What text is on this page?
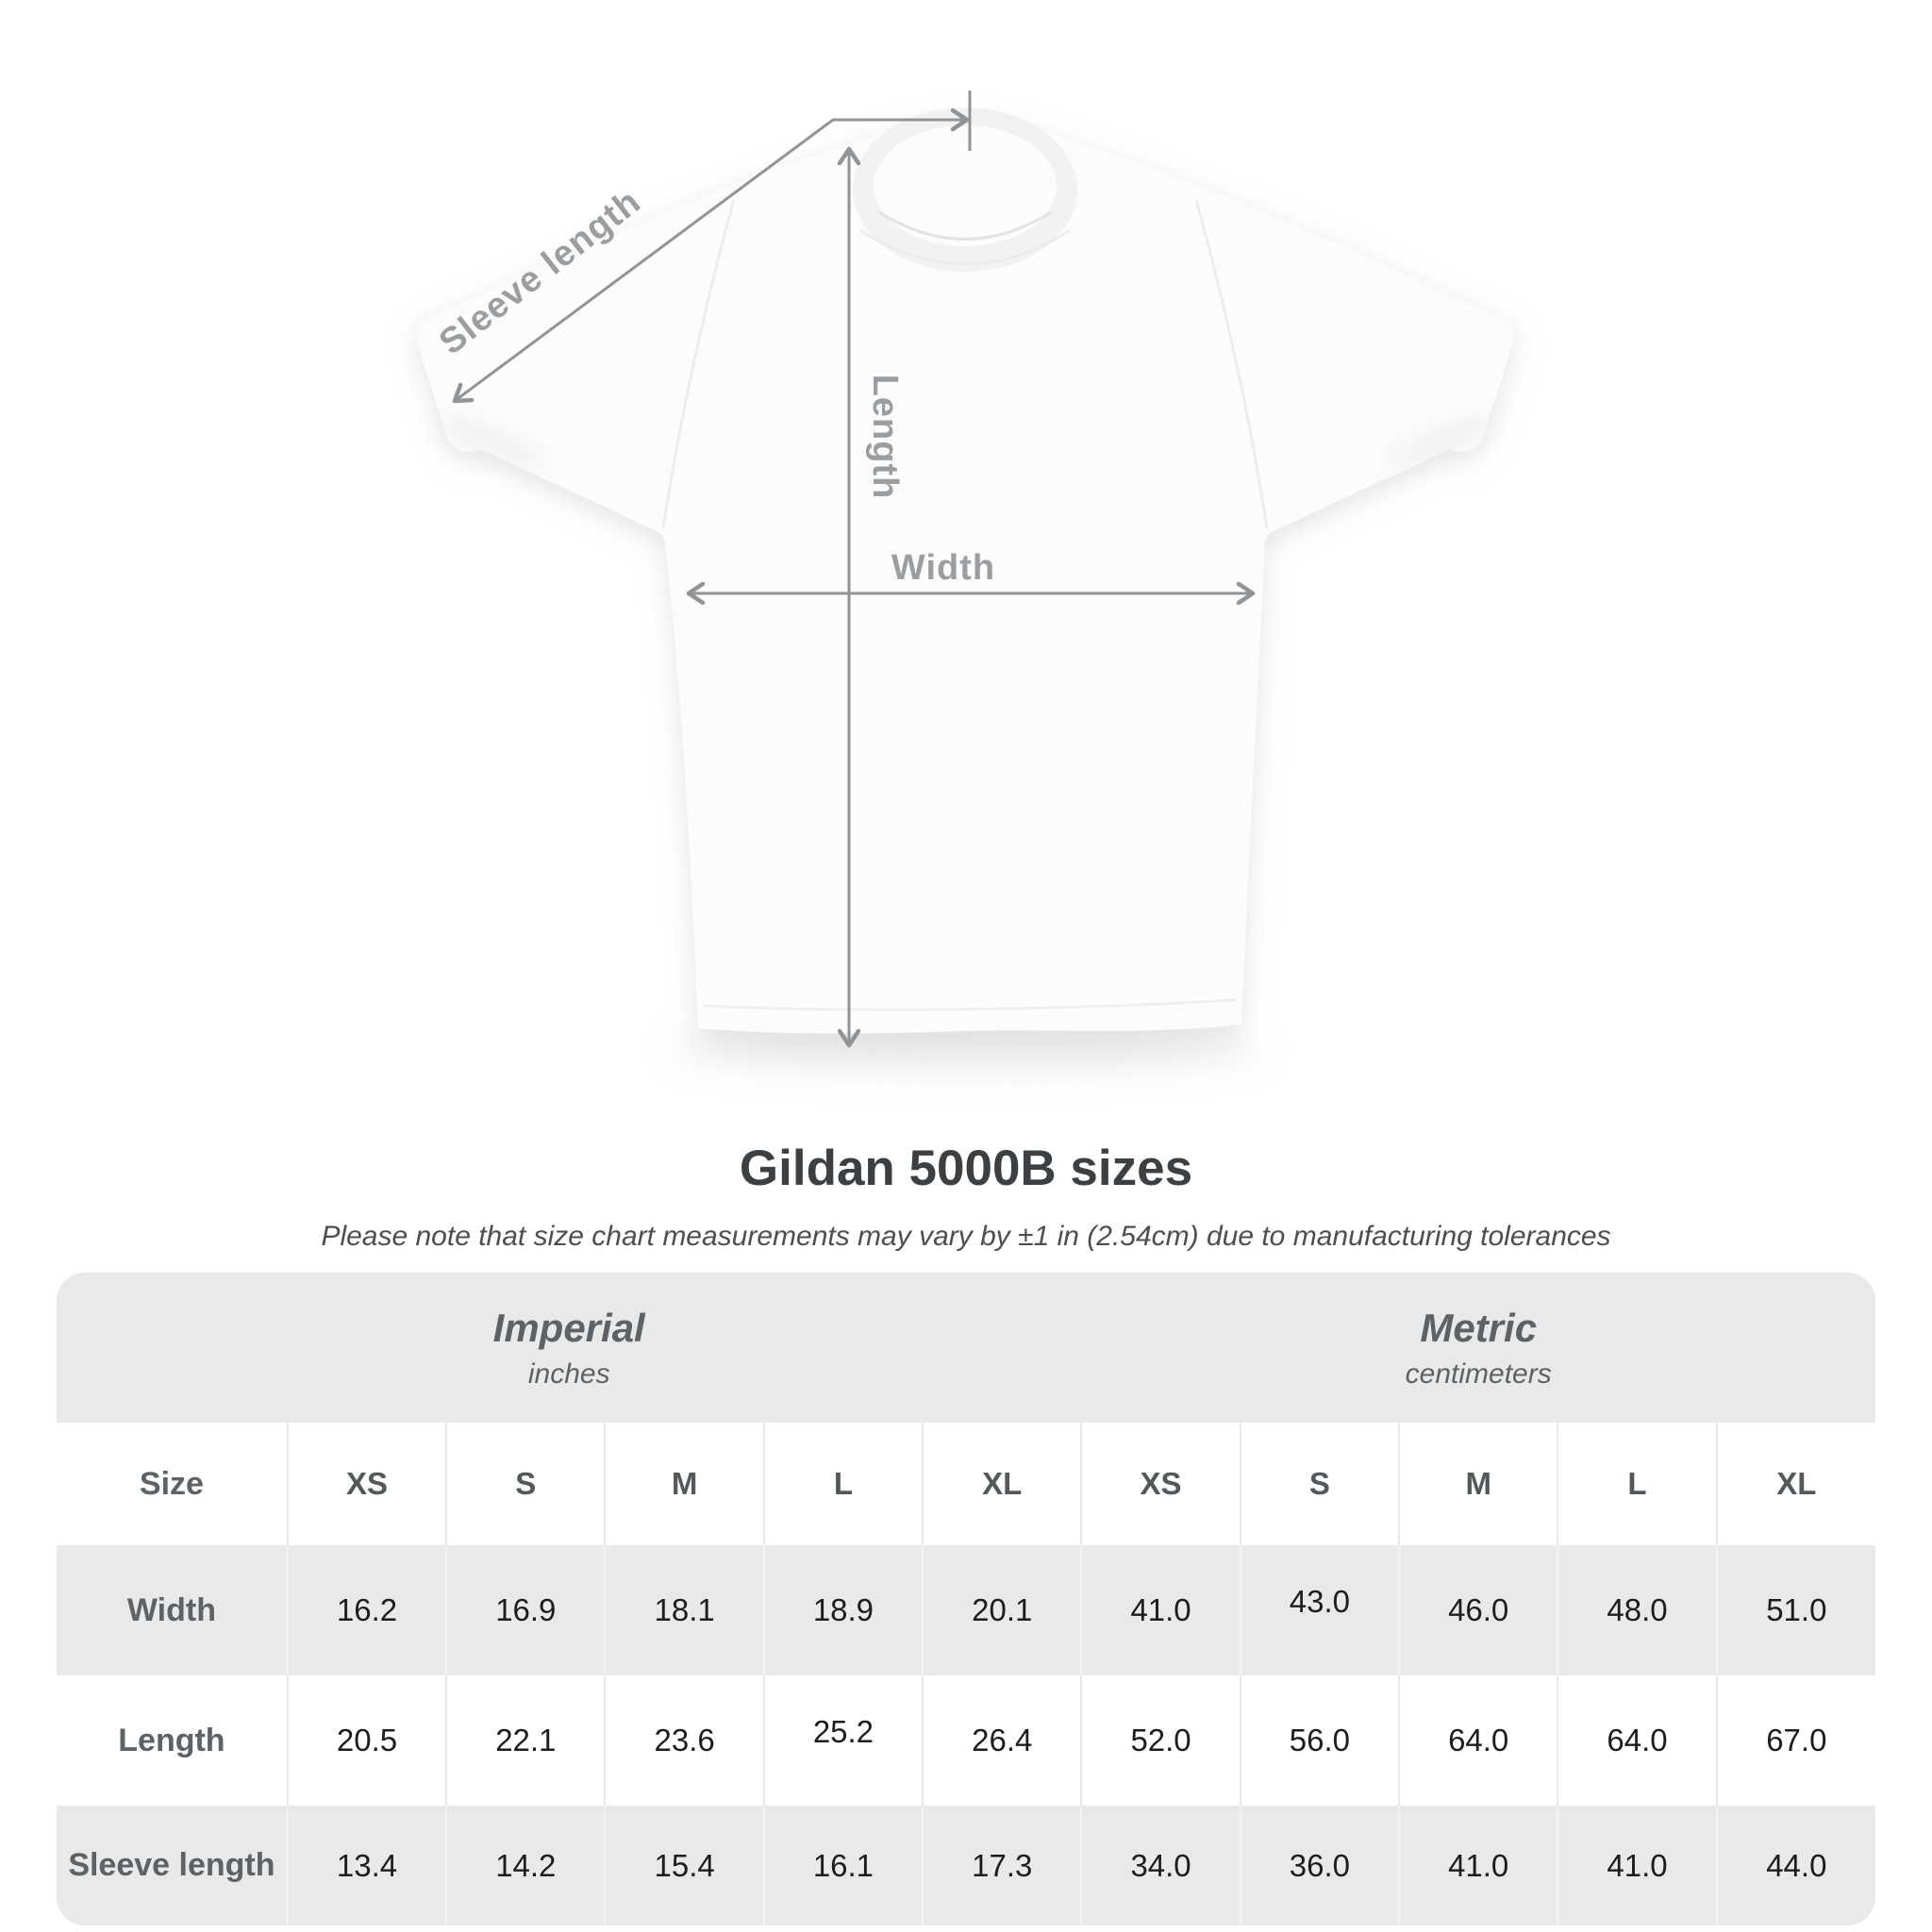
Sleeve length
Length
Width
Gildan 5000B sizes
Please note that size chart measurements may vary by ±1 in (2.54cm) due to manufacturing tolerances
Imperial
inches

Metric
centimeters

Size	XS	S	M	L	XL	XS	S	M	L	XL
Width	16.2	16.9	18.1	18.9	20.1	41.0	43.0	46.0	48.0	51.0
Length	20.5	22.1	23.6	25.2	26.4	52.0	56.0	64.0	64.0	67.0
Sleeve length	13.4	14.2	15.4	16.1	17.3	34.0	36.0	41.0	41.0	44.0
